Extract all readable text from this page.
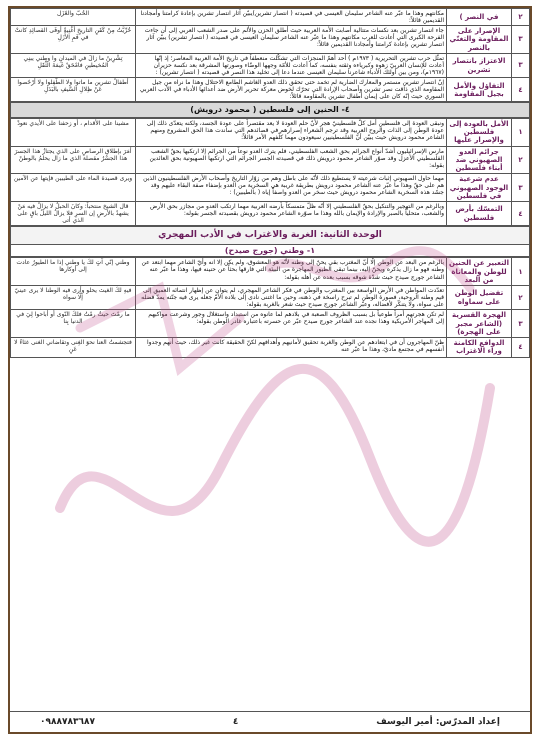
٢	في النصر )	مكانتهم وهذا ما عبّر عنه الشاعر سليمان العيسى في قصيدته ( انتصار تشرين)يبيّن آثار انتصار تشرين بإعادة كرامتنا وأمجادنا القديمين قائلاً:	الحُبّ والغَزَل
٣	الإصرار على المقاومة والتغنّي بالنصر	جاء انتصار تشرين بعد نكسات متتالية أصابت الأمة العربية حيث أطلق الحزن والألم على صدر الشعب العربي إلى أن جاءت الفرحة الكبرى التي أعادت للعرب مكانتهم وهذا ما عبّر عنه الشاعر سليمان العيسى في قصيدته ( انتصار تشرين) يبيّن آثار انتصار تشرين بإعادة كرامتنا وأمجادنا القديمين قائلاً:	حُرِّيَّتُ مِنْ كَفَنِ التاريخِ أُغْنِيةً أوفَى القصائِدِ كانتْ في فَمِ الأَزَلِ
٣	الاعتزاز بانتصار تشرين	تمثّل حرب تشرين التحريرية ( ١٩٧٣م ) أحد أهمّ المنجزات التي تشكّلت منعطفاً في تاريخ الأمة العربية المعاصر؛ إذ إنّها أعادت للإنسان العربيّ زهوه وكبرياءه وثقته بنفسه، كما أعادت للأمّة وجهها الوضّاء وصورتها المشرقة بعد نكسة حزيران (١٩٦٧م)، ومن بين أولئك الأدباء شاعرنا سليمان العيسى عندما دعا إلى تخليد هذا النصر في قصيدته ( انتصار تشرين) :	تِشْرِينُ ما زالَ في الميدانِ وا وطني يبنِي المُخيطينِ فامْحَقْ غَيمَةَ الثِّقَلِ
٤	التفاؤل والأمل بجيل المقاومة	إنّ انتصار تشرين مستمر والمعارك الضارية لم تخمد حتى تحقق ذلك العدو الغاشم الطامع الاحتلال وهذا ما نراه من جيل المقاومة الذي ذاقت نصر تشرين وأصحاب الإرادة التي تحرّك لخوض معركة تحرير الأرض ضد أعدائها الأدباء في الأدب العربي السوري حيث إنّه كان على إيمان أطفال تشرين بالمقاومة قائلاً:	أطفالُ تشرين ما ماتوا ولا الطّفِلوا ولا أَرْخَصوا عَنْ ظِلالِ السَّيفِ بالبَدَلِ
٤- الحنين إلى فلسطين ( محمود درويش)
١	الأمل بالعودة إلى فلسطين والإصرار عليها	ونبقى العودة إلى فلسطين أمل كلّ فلسطينيّ هجر لأنّ حلم العودة لا يعد مقتصراً على عودة الجسد، ولكنه يتعدّى ذلك إلى عودة الوطن إلى الذات والروح العربية وقد ترجم الشعراء إصرارهم في قصائدهم التي ساندت هذا الحق المشروع ومنهم الشاعر محمود درويش حيث يبيّن أنّ الفلسطينيين سيعودون مهما كلّفهم الأمر قائلاً:	مشينا على الأقدام ، أو زحفنا على الأيدي نعودْ
٢	جرائم العدو الصهيوني ضد أبناء فلسطين	مارس الإسرائيليون أشدّ أنواع الجرائم بحق الشعب الفلسطيني، فلم يترك العدو نوعاً من الجرائم إلا ارتكبها بحقّ الشعب الفلسطيني الأعزل وقد صوّر الشاعر محمود درويش ذلك في قصيدته الجسر الجرائم التي ارتكبها الصهيونية بحق العائدين بقوله:	أمَرَ بإطلاقِ الرصاصِ على الذي يجتازُ هذا الجسرَ هذا الجسْرُ مقصلة الذي ما زال يحلمُ بالوطنْ
٣	عدم شرعية الوجود الصهيوني في فلسطين	مهما حاول الصهيوني إثبات شرعيته لا يستطيع ذلك لأنّه على باطل وهم من زوّار التاريخ وأصحاب الأرض الفلسطينيون الذين هم على حقّ وهذا ما عبّر عنه الشاعر محمود درويش بطريقة غريبة هي السخرية من العدو بإضفاء صفة البقاء عليهم وقد جسّد هذه السخرية الشاعر محمود درويش حيث سخر من العدو واصفاً إياه ( بالطيبين) :	ويرى قصيدة الماء على الطيبين فإيتها عن الآمين
٤	التمسّك بأرض فلسطين	وبالرغم من التهجير والتنكيل بحقّ الفلسطيني إلا أنّه ظلّ متمسكاً بأرضه العربية مهما ارتكب العدو من مجازر بحق الأرض والشعب، متحلياً بالصبر والإرادة والإيمان بالله وهذا ما صوّره الشاعر محمود درويش بقصيدته الجسر بقوله:	قال الشيخ منتحباً: وكانَ الحبلُ لا يزالُ فيه مَنْ يشهدُ بالأرضِ إن السرِ فلا يزالُ الليلُ باقٍ على الذي أتى
الوحدة الثانية: الغربة والاغتراب في الأدب المهجري
١- وطني (جورج صيدح)
١	التعبير عن الحنين للوطن والمعاناة من البعد	بالرغم من البعد عن الوطن إلّا أنّ المغترب بقي يحنّ إلى وطنه لأنّه هو المعشوق، ولم يكن إلا انه وأيّ الشاعر مهما ابتعد عن وطنه فهو ما زال يذكره ويحنّ إليه، بينما تبقى الطيور المهاجرة من البيئة التي فارقها بحثاً عن حنينه فيها، وهذا ما عبّر عنه الشاعر جورج صيدح حيث شدّة شوقه بسبب بعده عن أهله بقوله:	وطني إنّي آتٍ لكَ يا وطني إذا ما الطيورُ عادت إلى أوكارها
٢	تفضيل الوطن على سماواه	تعدّدت المواطن في الأرض الواسعة بين المغترب والوطن في فكر الشاعر المهجري، لم يتوان عن إظهار انتمائه العميق إلى قيم وطنه الروحية، فصورة الوطن لم تبرح راسخة في ذهنه، وحين ما اغتنى نادى إلى بلاده الأمّ جعله يرى فيه جنّته يمدّ فضله على سواه، ولا يتنكّر لأفضاله، وعبّر الشاعر جورج صيدح حيث شعر بالغربة بقوله:	فيهِ لكَ الغيث يحلو وأرى فيه الوطنا لا يرى عينيّ إلّا سواه
٣	الهجرة القسرية (الشاعر مجبر على الهجرة)	لم تكن هجرتهم أمراً طوعياً بل بسبب الظروف الصعبة في بلادهم لما عانوه من استبداد واستغلال وجور وشرعت مواكبهم إلى المهاجر الأمريكية وهذا نجده عند الشاعر جورج صيدح عبّر عن حسرته باعتباره غادر الوطن بقوله:	ما رمْتَ حيثُ رمْتُ فلكَ النّوى أو أباحوا لِيَ في الدنيا بِنا
٤	الدوافع الكامنة وراء الاغتراب	ظنّ المهاجرون أن في ابتعادهم عن الوطن والغربة تحقيق لأمانيهم وأهدافهم لكنّ الحقيقة كانت غير ذلك، حيث أنهم وجدوا أنفسهم في مجتمع ماديّ، وهذا ما عبّر عنه	فتجشمتُ العنا نحوَ الغِنى وتقاضاني الغنى غثاءً لا عَنِ
إعداد المدرّس: أمير اليوسف
٤
٠٩٨٨٧٨٣٦٨٧
